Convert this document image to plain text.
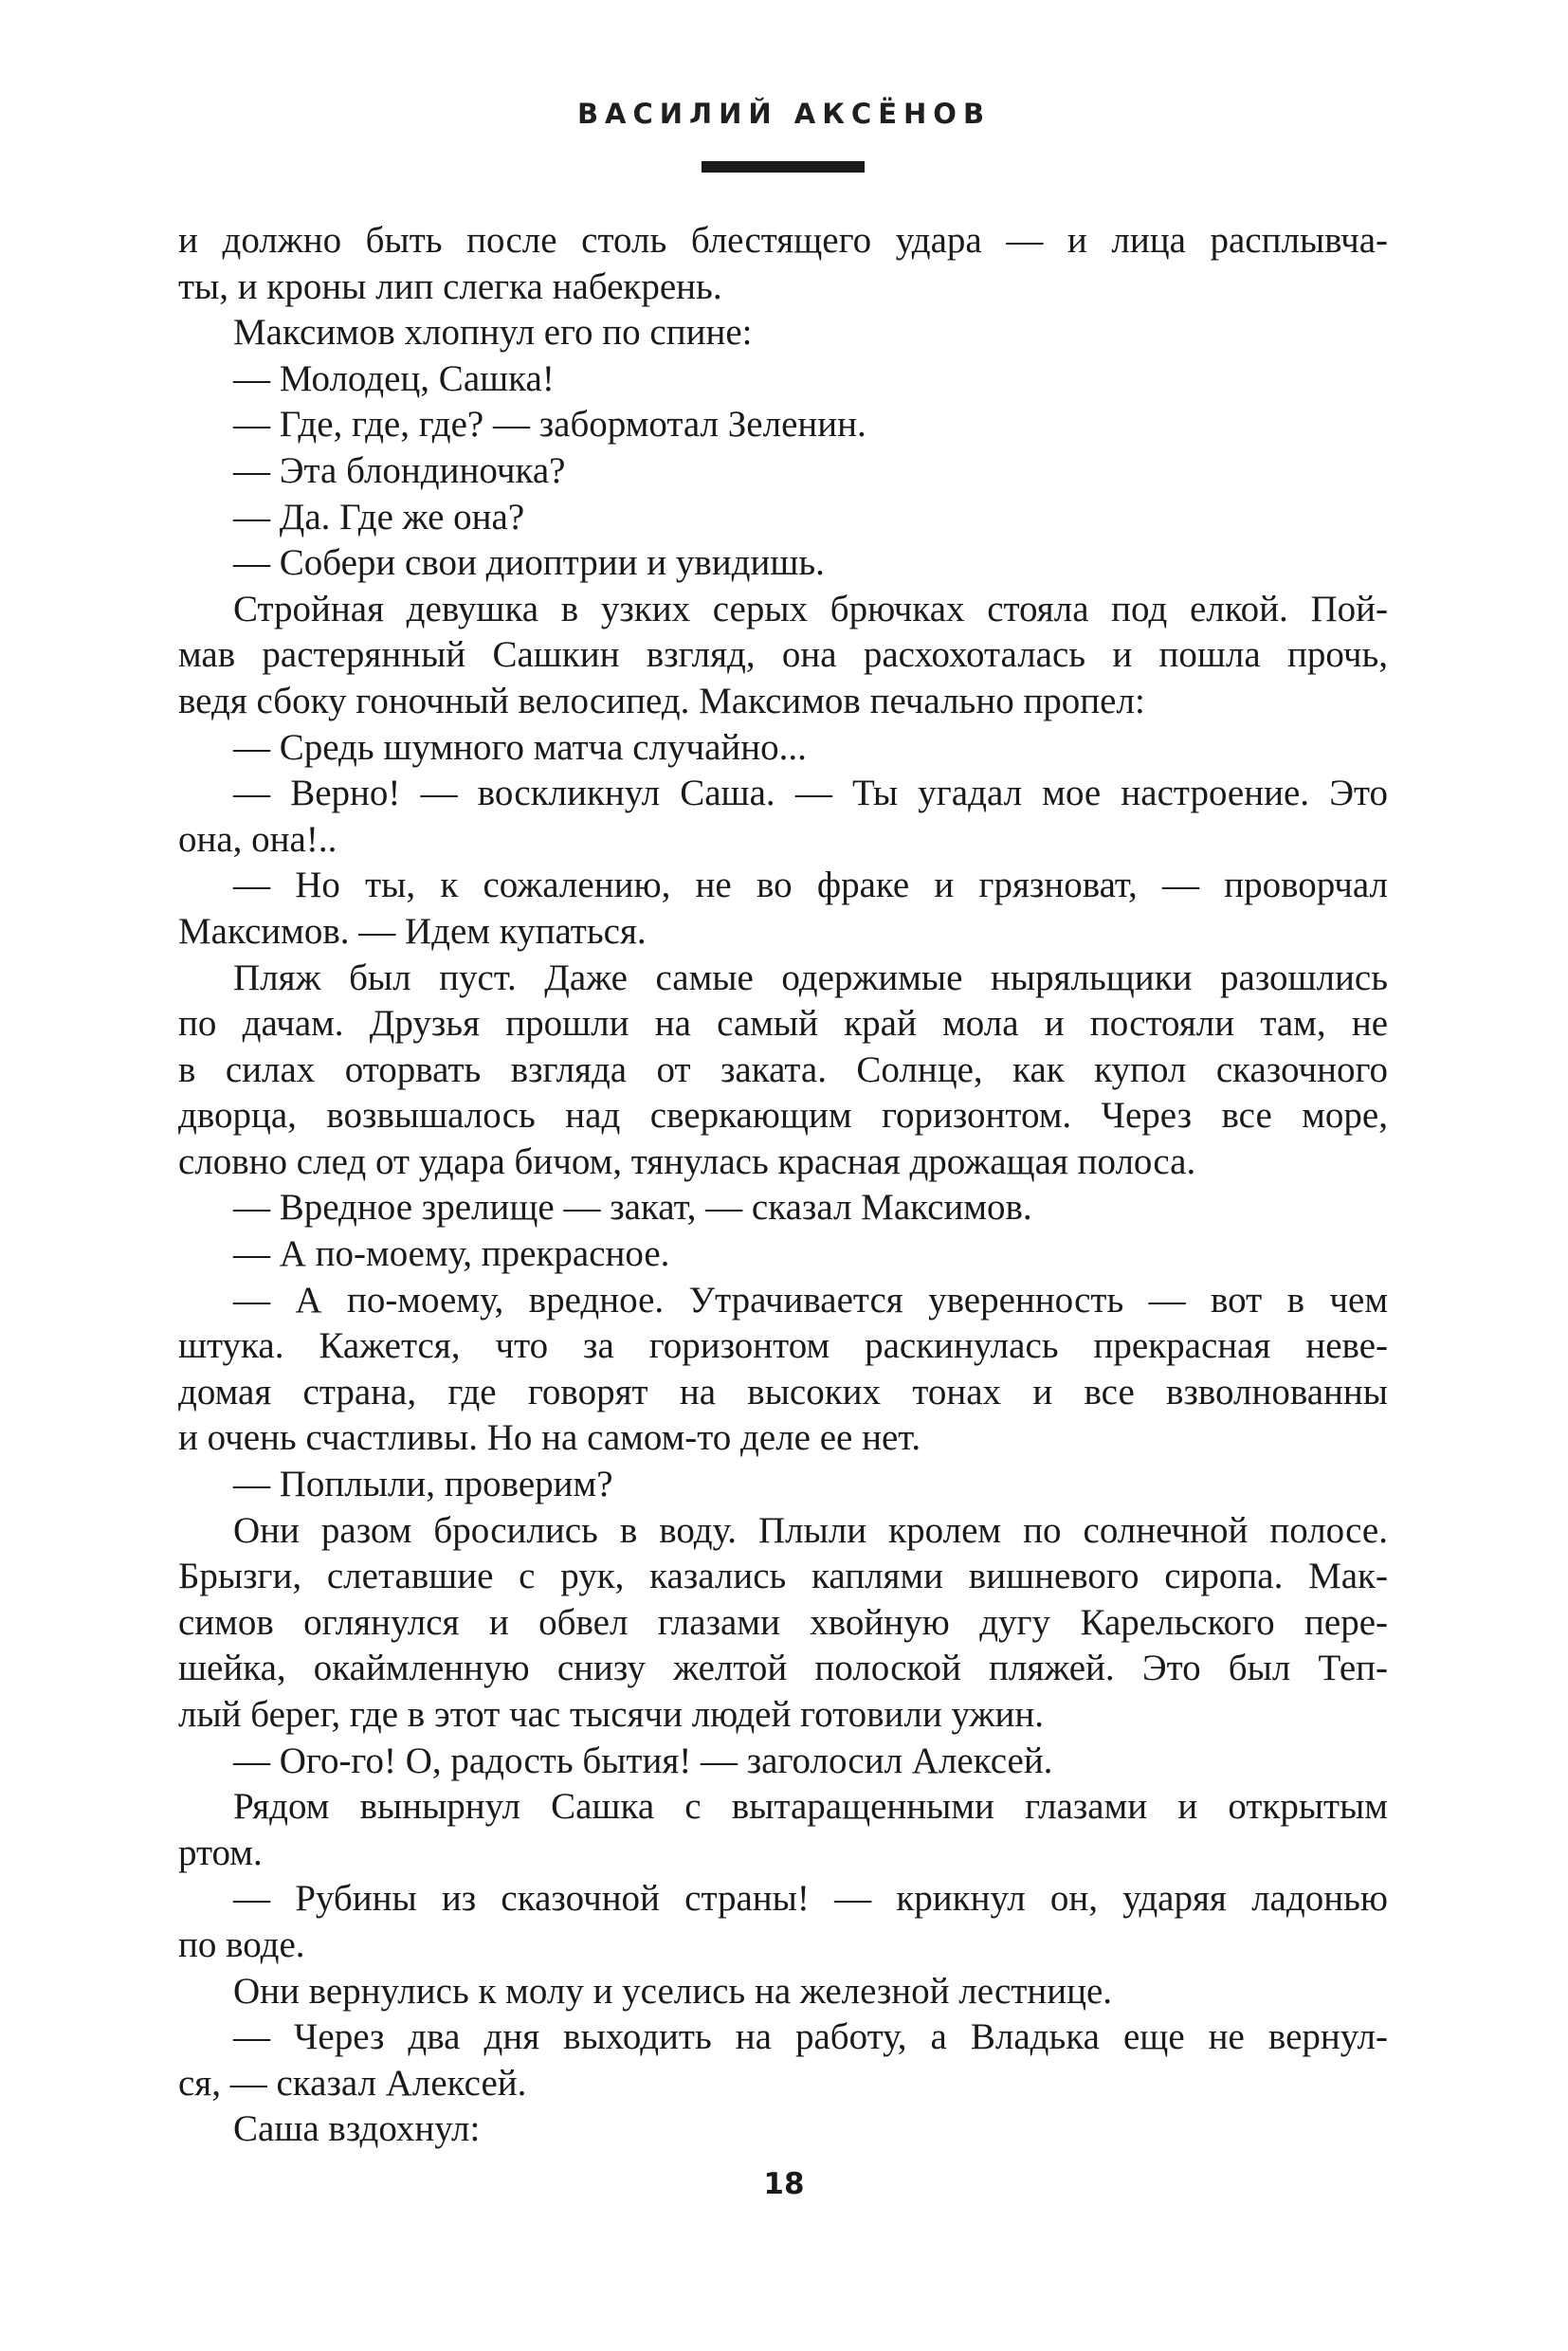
ВАСИЛИЙ АКСЁНОВ
и должно быть после столь блестящего удара — и лица расплывча-
ты, и кроны лип слегка набекрень.
Максимов хлопнул его по спине:
— Молодец, Сашка!
— Где, где, где? — забормотал Зеленин.
— Эта блондиночка?
— Да. Где же она?
— Собери свои диоптрии и увидишь.
Стройная девушка в узких серых брючках стояла под елкой. Пой-
мав растерянный Сашкин взгляд, она расхохоталась и пошла прочь,
ведя сбоку гоночный велосипед. Максимов печально пропел:
— Средь шумного матча случайно...
— Верно! — воскликнул Саша. — Ты угадал мое настроение. Это
она, она!..
— Но ты, к сожалению, не во фраке и грязноват, — проворчал
Максимов. — Идем купаться.
Пляж был пуст. Даже самые одержимые ныряльщики разошлись
по дачам. Друзья прошли на самый край мола и постояли там, не
в силах оторвать взгляда от заката. Солнце, как купол сказочного
дворца, возвышалось над сверкающим горизонтом. Через все море,
словно след от удара бичом, тянулась красная дрожащая полоса.
— Вредное зрелище — закат, — сказал Максимов.
— А по-моему, прекрасное.
— А по-моему, вредное. Утрачивается уверенность — вот в чем
штука. Кажется, что за горизонтом раскинулась прекрасная неве-
домая страна, где говорят на высоких тонах и все взволнованны
и очень счастливы. Но на самом-то деле ее нет.
— Поплыли, проверим?
Они разом бросились в воду. Плыли кролем по солнечной полосе.
Брызги, слетавшие с рук, казались каплями вишневого сиропа. Мак-
симов оглянулся и обвел глазами хвойную дугу Карельского пере-
шейка, окаймленную снизу желтой полоской пляжей. Это был Теп-
лый берег, где в этот час тысячи людей готовили ужин.
— Ого-го! О, радость бытия! — заголосил Алексей.
Рядом вынырнул Сашка с вытаращенными глазами и открытым
ртом.
— Рубины из сказочной страны! — крикнул он, ударяя ладонью
по воде.
Они вернулись к молу и уселись на железной лестнице.
— Через два дня выходить на работу, а Владька еще не вернул-
ся, — сказал Алексей.
Саша вздохнул:
18
